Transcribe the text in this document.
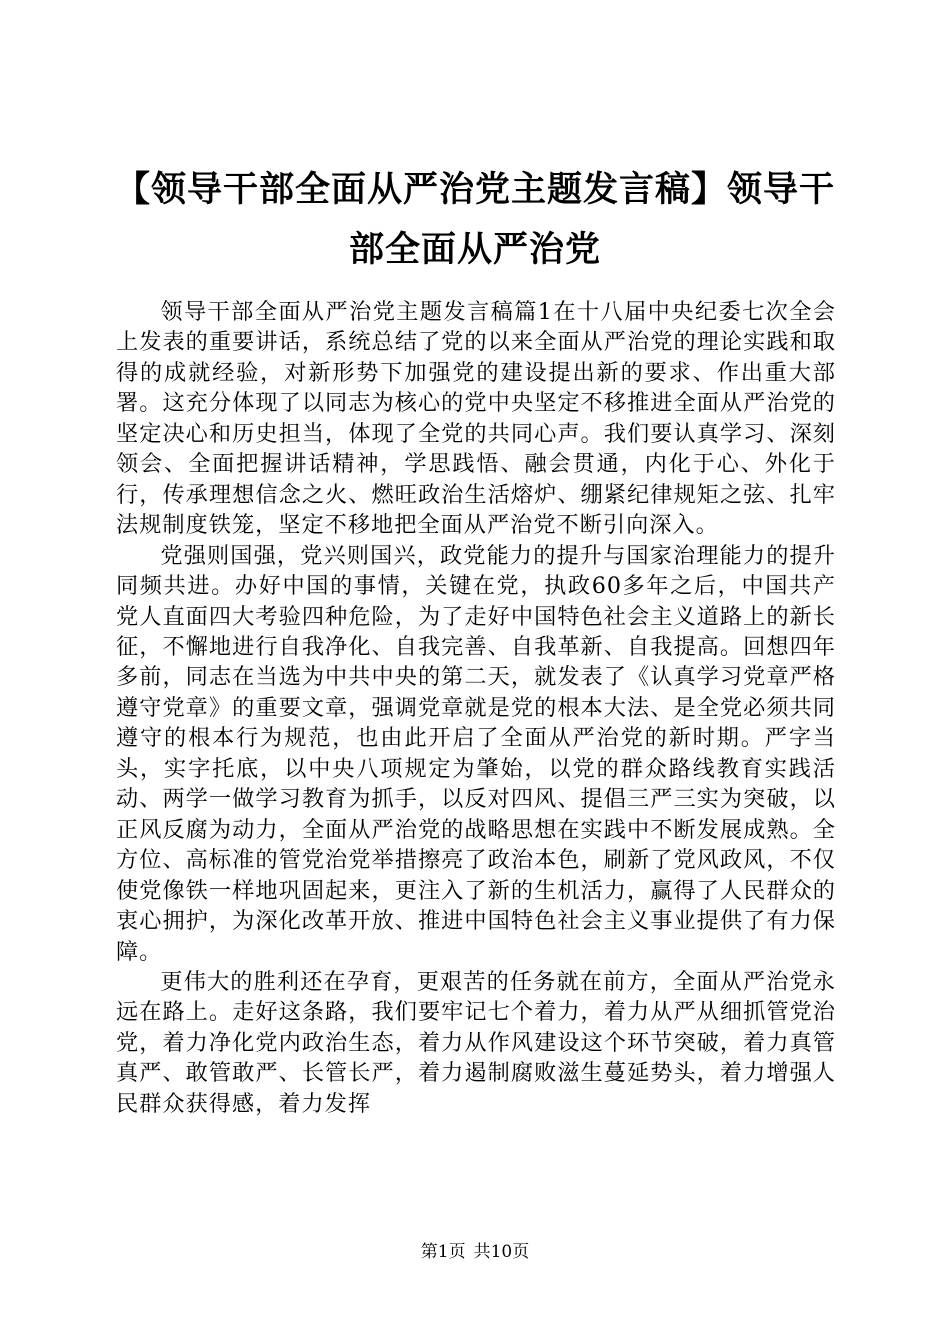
【领导干部全面从严治党主题发言稿】领导干部全面从严治党

领导干部全面从严治党主题发言稿篇1在十八届中央纪委七次全会上发表的重要讲话，系统总结了党的以来全面从严治党的理论实践和取得的成就经验，对新形势下加强党的建设提出新的要求、作出重大部署。这充分体现了以同志为核心的党中央坚定不移推进全面从严治党的坚定决心和历史担当，体现了全党的共同心声。我们要认真学习、深刻领会、全面把握讲话精神，学思践悟、融会贯通，内化于心、外化于行，传承理想信念之火、燃旺政治生活熔炉、绷紧纪律规矩之弦、扎牢法规制度铁笼，坚定不移地把全面从严治党不断引向深入。

党强则国强，党兴则国兴，政党能力的提升与国家治理能力的提升同频共进。办好中国的事情，关键在党，执政60多年之后，中国共产党人直面四大考验四种危险，为了走好中国特色社会主义道路上的新长征，不懈地进行自我净化、自我完善、自我革新、自我提高。回想四年多前，同志在当选为中共中央的第二天，就发表了《认真学习党章严格遵守党章》的重要文章，强调党章就是党的根本大法、是全党必须共同遵守的根本行为规范，也由此开启了全面从严治党的新时期。严字当头，实字托底，以中央八项规定为肇始，以党的群众路线教育实践活动、两学一做学习教育为抓手，以反对四风、提倡三严三实为突破，以正风反腐为动力，全面从严治党的战略思想在实践中不断发展成熟。全方位、高标准的管党治党举措擦亮了政治本色，刷新了党风政风，不仅使党像铁一样地巩固起来，更注入了新的生机活力，赢得了人民群众的衷心拥护，为深化改革开放、推进中国特色社会主义事业提供了有力保障。

更伟大的胜利还在孕育，更艰苦的任务就在前方，全面从严治党永远在路上。走好这条路，我们要牢记七个着力，着力从严从细抓管党治党，着力净化党内政治生态，着力从作风建设这个环节突破，着力真管真严、敢管敢严、长管长严，着力遏制腐败滋生蔓延势头，着力增强人民群众获得感，着力发挥

第1页 共10页
